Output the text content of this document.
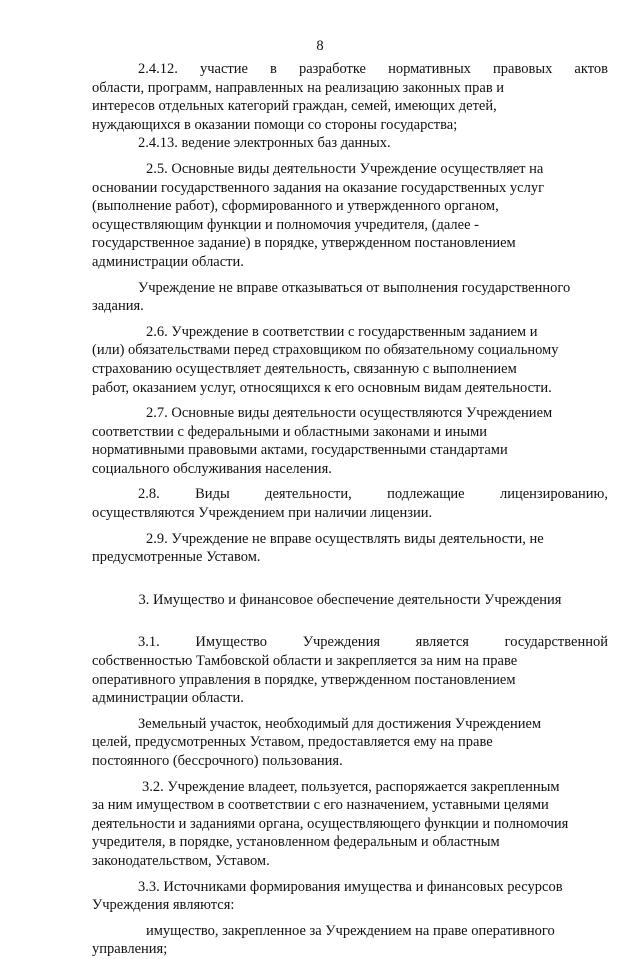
8
2.4.12. участие в разработке нормативных правовых актов

области, программ, направленных на реализацию законных прав и

интересов отдельных категорий граждан, семей, имеющих детей,

нуждающихся в оказании помощи со стороны государства;

2.4.13. ведение электронных баз данных.

2.5. Основные виды деятельности Учреждение осуществляет на

основании государственного задания на оказание государственных услуг

(выполнение работ), сформированного и утвержденного органом,

осуществляющим функции и полномочия учредителя, (далее -

государственное задание) в порядке, утвержденном постановлением

администрации области.

Учреждение не вправе отказываться от выполнения государственного

задания.

2.6. Учреждение в соответствии с государственным заданием и

(или) обязательствами перед страховщиком по обязательному социальному

страхованию осуществляет деятельность, связанную с выполнением

работ, оказанием услуг, относящихся к его основным видам деятельности.

2.7. Основные виды деятельности осуществляются Учреждением

соответствии с федеральными и областными законами и иными

нормативными правовыми актами, государственными стандартами

социального обслуживания населения.

2.8. Виды деятельности, подлежащие лицензированию,

осуществляются Учреждением при наличии лицензии.

2.9. Учреждение не вправе осуществлять виды деятельности, не

предусмотренные Уставом.

3. Имущество и финансовое обеспечение деятельности Учреждения
3.1. Имущество Учреждения является государственной

собственностью Тамбовской области и закрепляется за ним на праве

оперативного управления в порядке, утвержденном постановлением

администрации области.

Земельный участок, необходимый для достижения Учреждением

целей, предусмотренных Уставом, предоставляется ему на праве

постоянного (бессрочного) пользования.

3.2. Учреждение владеет, пользуется, распоряжается закрепленным

за ним имуществом в соответствии с его назначением, уставными целями

деятельности и заданиями органа, осуществляющего функции и полномочия

учредителя, в порядке, установленном федеральным и областным

законодательством, Уставом.

3.3. Источниками формирования имущества и финансовых ресурсов

Учреждения являются:

имущество, закрепленное за Учреждением на праве оперативного

управления;
